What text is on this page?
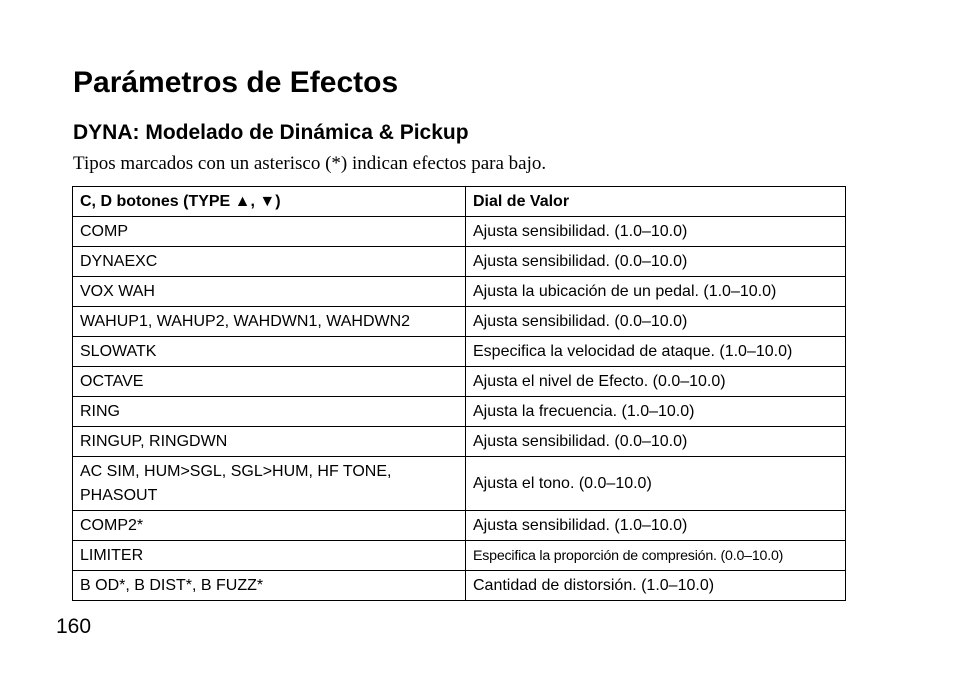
Parámetros de Efectos
DYNA: Modelado de Dinámica & Pickup

Tipos marcados con un asterisco (*) indican efectos para bajo.

C, D botones (TYPE ▲, ▼)	Dial de Valor
COMP	Ajusta sensibilidad. (1.0–10.0)
DYNAEXC	Ajusta sensibilidad. (0.0–10.0)
VOX WAH	Ajusta la ubicación de un pedal. (1.0–10.0)
WAHUP1, WAHUP2, WAHDWN1, WAHDWN2	Ajusta sensibilidad. (0.0–10.0)
SLOWATK	Especifica la velocidad de ataque. (1.0–10.0)
OCTAVE	Ajusta el nivel de Efecto. (0.0–10.0)
RING	Ajusta la frecuencia. (1.0–10.0)
RINGUP, RINGDWN	Ajusta sensibilidad. (0.0–10.0)
AC SIM, HUM>SGL, SGL>HUM, HF TONE, PHASOUT	Ajusta el tono. (0.0–10.0)
COMP2*	Ajusta sensibilidad. (1.0–10.0)
LIMITER	Especifica la proporción de compresión. (0.0–10.0)
B OD*, B DIST*, B FUZZ*	Cantidad de distorsión. (1.0–10.0)

160
